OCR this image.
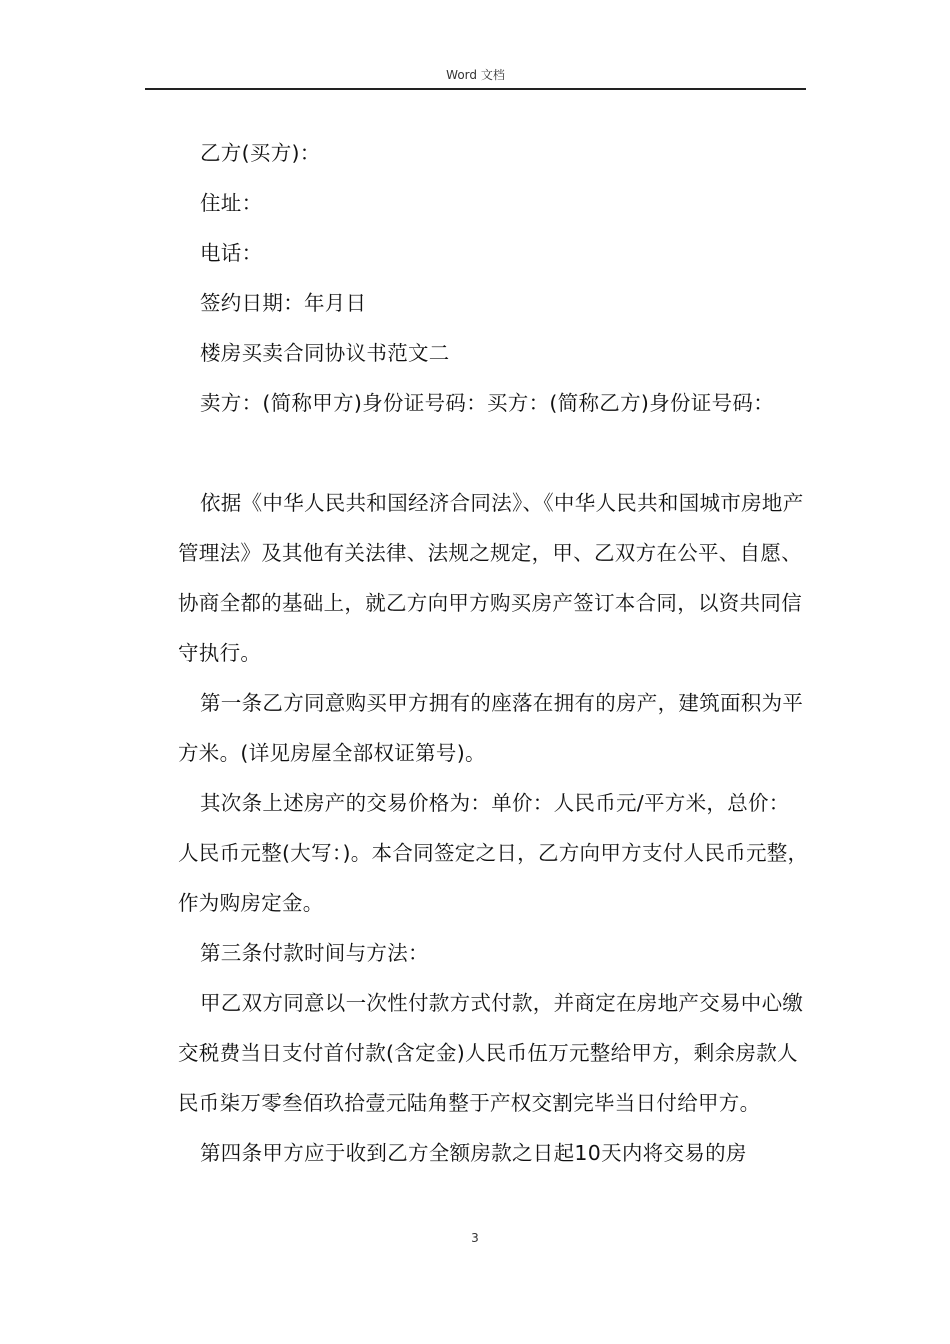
Word 文档

乙方(买方)：

住址：

电话：

签约日期：年月日

楼房买卖合同协议书范文二

卖方：(简称甲方)身份证号码：买方：(简称乙方)身份证号码：

依据《中华人民共和国经济合同法》、《中华人民共和国城市房地产管理法》及其他有关法律、法规之规定，甲、乙双方在公平、自愿、协商全都的基础上，就乙方向甲方购买房产签订本合同，以资共同信守执行。

第一条乙方同意购买甲方拥有的座落在拥有的房产，建筑面积为平方米。(详见房屋全部权证第号)。

其次条上述房产的交易价格为：单价：人民币元/平方米，总价：人民币元整(大写：)。本合同签定之日，乙方向甲方支付人民币元整，作为购房定金。

第三条付款时间与方法：

甲乙双方同意以一次性付款方式付款，并商定在房地产交易中心缴交税费当日支付首付款(含定金)人民币伍万元整给甲方，剩余房款人民币柒万零叁佰玖拾壹元陆角整于产权交割完毕当日付给甲方。

第四条甲方应于收到乙方全额房款之日起10天内将交易的房

3
